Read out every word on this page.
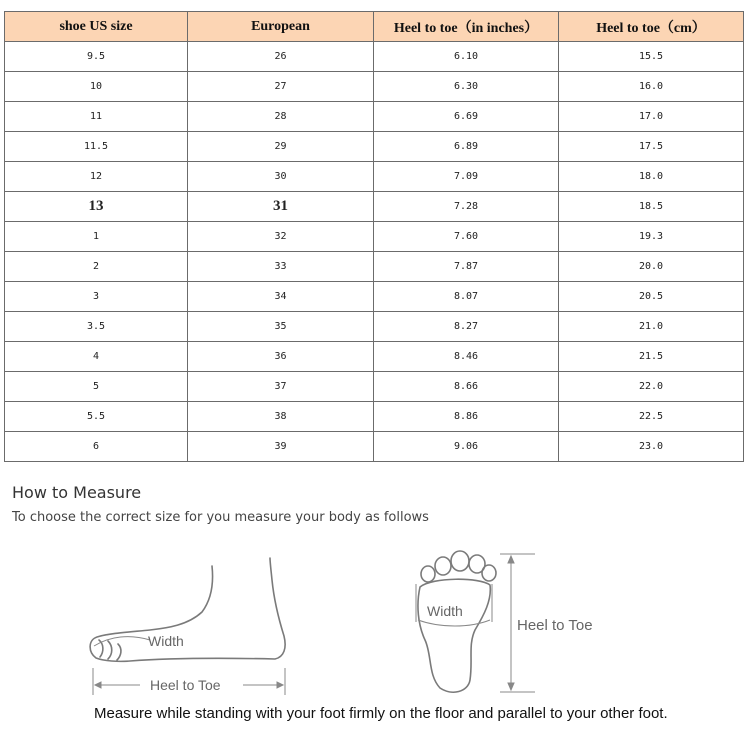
shoe US size	European	Heel to toe（in inches）	Heel to toe（cm）
9.5	26	6.10	15.5
10	27	6.30	16.0
11	28	6.69	17.0
11.5	29	6.89	17.5
12	30	7.09	18.0
13	31	7.28	18.5
1	32	7.60	19.3
2	33	7.87	20.0
3	34	8.07	20.5
3.5	35	8.27	21.0
4	36	8.46	21.5
5	37	8.66	22.0
5.5	38	8.86	22.5
6	39	9.06	23.0
How to Measure
To choose the correct size for you measure your body as follows
Width
Heel to Toe
Width
Heel to Toe
Measure while standing with your foot firmly on the floor and parallel to your other foot.
